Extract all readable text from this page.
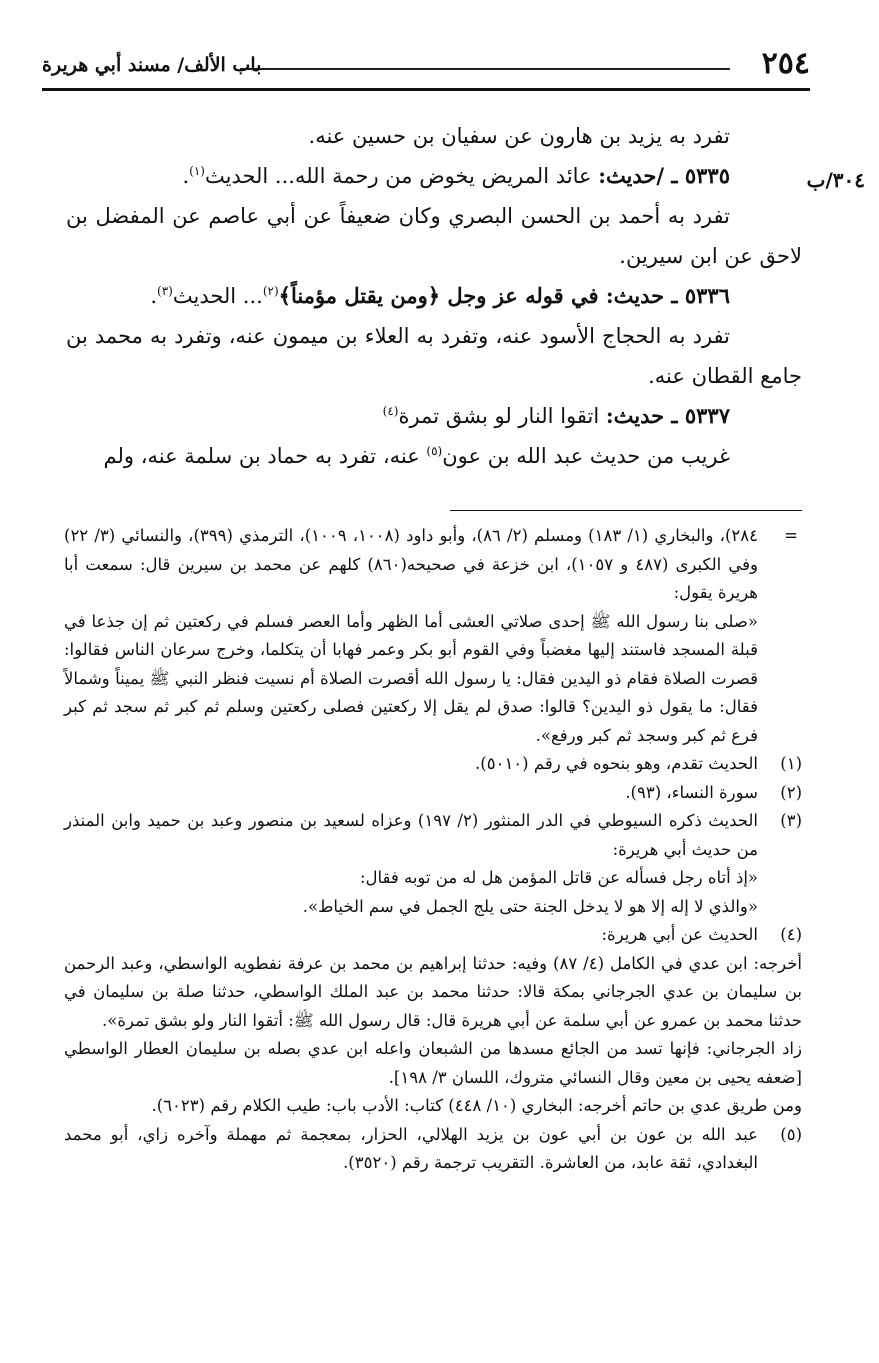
٢٥٤
باب الألف/ مسند أبي هريرة
٣٠٤/ب

تفرد به يزيد بن هارون عن سفيان بن حسين عنه.

٥٣٣٥ ـ /حديث: عائد المريض يخوض من رحمة الله... الحديث$^{(١)}$.

تفرد به أحمد بن الحسن البصري وكان ضعيفاً عن أبي عاصم عن المفضل بن لاحق عن ابن سيرين.

٥٣٣٦ ـ حديث: في قوله عز وجل ﴿ومن يقتل مؤمناً﴾$^{(٢)}$... الحديث$^{(٣)}$.

تفرد به الحجاج الأسود عنه، وتفرد به العلاء بن ميمون عنه، وتفرد به محمد بن جامع القطان عنه.

٥٣٣٧ ـ حديث: اتقوا النار لو بشق تمرة$^{(٤)}$

غريب من حديث عبد الله بن عون$^{(٥)}$ عنه، تفرد به حماد بن سلمة عنه، ولم

=

٢٨٤)، والبخاري (١/ ١٨٣) ومسلم (٢/ ٨٦)، وأبو داود (١٠٠٨، ١٠٠٩)، الترمذي (٣٩٩)، والنسائي (٣/ ٢٢) وفي الكبرى (٤٨٧ و ١٠٥٧)، ابن خزعة في صحيحه(٨٦٠) كلهم عن محمد بن سيرين قال: سمعت أبا هريرة يقول:

«صلى بنا رسول الله ﷺ إحدى صلاتي العشى أما الظهر وأما العصر فسلم في ركعتين ثم إن جذعا في قبلة المسجد فاستند إليها مغضباً وفي القوم أبو بكر وعمر فهابا أن يتكلما، وخرج سرعان الناس فقالوا: قصرت الصلاة فقام ذو اليدين فقال: يا رسول الله أقصرت الصلاة أم نسيت فنظر النبي ﷺ يميناً وشمالاً فقال: ما يقول ذو اليدين؟ قالوا: صدق لم يقل إلا ركعتين فصلى ركعتين وسلم ثم كبر ثم سجد ثم كبر فرع ثم كبر وسجد ثم كبر ورفع».

(١)
الحديث تقدم، وهو بنحوه في رقم (٥٠١٠).
(٢)
سورة النساء، (٩٣).
(٣)
الحديث ذكره السيوطي في الدر المنثور (٢/ ١٩٧) وعزاه لسعيد بن منصور وعبد بن حميد وابن المنذر من حديث أبي هريرة:

«إذ أتاه رجل فسأله عن قاتل المؤمن هل له من توبه فقال:

«والذي لا إله إلا هو لا يدخل الجنة حتى يلج الجمل في سم الخياط».

(٤)
الحديث عن أبي هريرة:

أخرجه: ابن عدي في الكامل (٤/ ٨٧) وفيه: حدثنا إبراهيم بن محمد بن عرفة نفطويه الواسطي، وعبد الرحمن بن سليمان بن عدي الجرجاني بمكة قالا: حدثنا محمد بن عبد الملك الواسطي، حدثنا صلة بن سليمان في حدثنا محمد بن عمرو عن أبي سلمة عن أبي هريرة قال: قال رسول الله ﷺ: أتقوا النار ولو بشق تمرة».

زاد الجرجاني: فإنها تسد من الجائع مسدها من الشبعان واعله ابن عدي بصله بن سليمان العطار الواسطي [ضعفه يحيى بن معين وقال النسائي متروك، اللسان ٣/ ١٩٨].

ومن طريق عدي بن حاتم أخرجه: البخاري (١٠/ ٤٤٨) كتاب: الأدب باب: طيب الكلام رقم (٦٠٢٣).

(٥)
عبد الله بن عون بن أبي عون بن يزيد الهلالي، الحزار، بمعجمة ثم مهملة وآخره زاي، أبو محمد البغدادي، ثقة عابد، من العاشرة. التقريب ترجمة رقم (٣٥٢٠).
